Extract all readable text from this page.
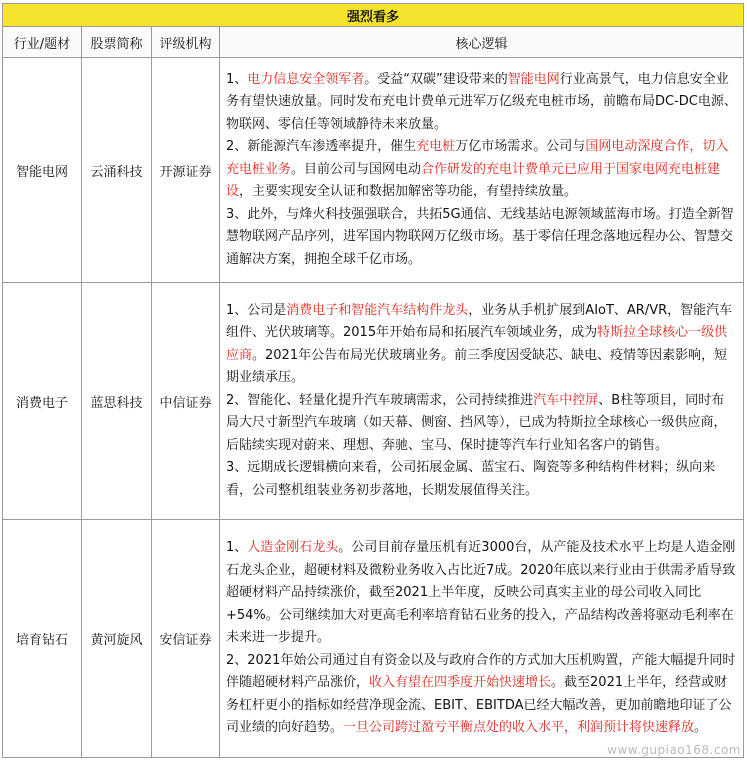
强烈看多			
行业/题材	股票简称	评级机构	核心逻辑
智能电网	云涌科技	开源证券	1、电力信息安全领军者。受益“双碳”建设带来的智能电网行业高景气，电力信息安全业务有望快速放量。同时发布充电计费单元进军万亿级充电桩市场，前瞻布局DC-DC电源、物联网、零信任等领域静待未来放量。

2、新能源汽车渗透率提升，催生充电桩万亿市场需求。公司与国网电动深度合作，切入充电桩业务。目前公司与国网电动合作研发的充电计费单元已应用于国家电网充电桩建设，主要实现安全认证和数据加解密等功能，有望持续放量。

3、此外，与烽火科技强强联合，共拓5G通信、无线基站电源领域蓝海市场。打造全新智慧物联网产品序列，进军国内物联网万亿级市场。基于零信任理念落地远程办公、智慧交通解决方案，拥抱全球千亿市场。

消费电子	蓝思科技	中信证券	1、公司是消费电子和智能汽车结构件龙头，业务从手机扩展到AIoT、AR/VR，智能汽车组件、光伏玻璃等。2015年开始布局和拓展汽车领域业务，成为特斯拉全球核心一级供应商。2021年公告布局光伏玻璃业务。前三季度因受缺芯、缺电、疫情等因素影响，短期业绩承压。

2、智能化、轻量化提升汽车玻璃需求，公司持续推进汽车中控屏、B柱等项目，同时布局大尺寸新型汽车玻璃（如天幕、侧窗、挡风等），已成为特斯拉全球核心一级供应商，后陆续实现对蔚来、理想、奔驰、宝马、保时捷等汽车行业知名客户的销售。

3、远期成长逻辑横向来看，公司拓展金属、蓝宝石、陶瓷等多种结构件材料；纵向来看，公司整机组装业务初步落地，长期发展值得关注。

培育钻石	黄河旋风	安信证券	1、人造金刚石龙头。公司目前存量压机有近3000台，从产能及技术水平上均是人造金刚石龙头企业，超硬材料及微粉业务收入占比近7成。2020年底以来行业由于供需矛盾导致超硬材料产品持续涨价，截至2021上半年度，反映公司真实主业的母公司收入同比+54%。公司继续加大对更高毛利率培育钻石业务的投入，产品结构改善将驱动毛利率在未来进一步提升。

2、2021年始公司通过自有资金以及与政府合作的方式加大压机购置，产能大幅提升同时伴随超硬材料产品涨价，收入有望在四季度开始快速增长。截至2021上半年，经营或财务杠杆更小的指标如经营净现金流、EBIT、EBITDA已经大幅改善，更加前瞻地印证了公司业绩的向好趋势。一旦公司跨过盈亏平衡点处的收入水平，利润预计将快速释放。

www.gupiao168.com
